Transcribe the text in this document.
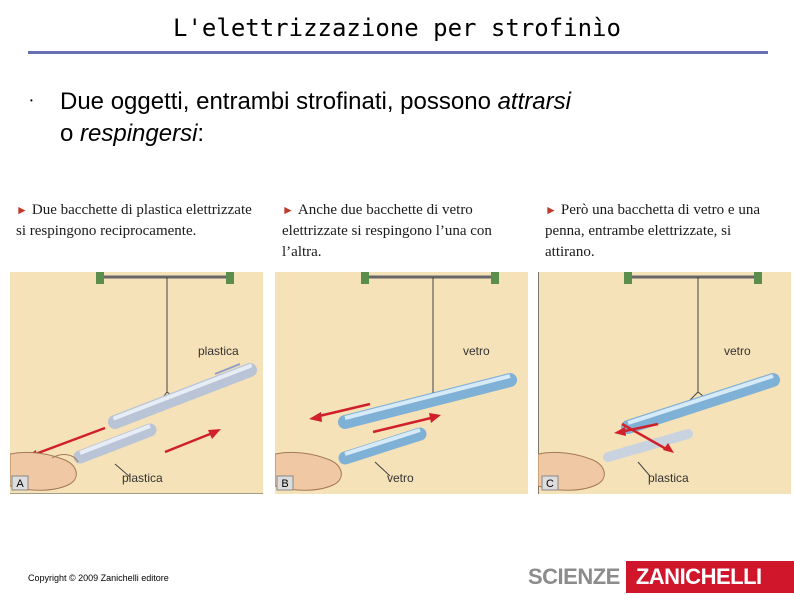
L'elettrizzazione per strofinìo
• Due oggetti, entrambi strofinati, possono attrarsi
o respingersi:
► Due bacchette di plastica elettrizzate si respingono reciprocamente.
► Anche due bacchette di vetro elettrizzate si respingono l’una con l’altra.
► Però una bacchetta di vetro e una penna, entrambe elettrizzate, si attirano.
A
plastica
plastica	B
vetro
vetro	C
vetro
plastica
Copyright © 2009 Zanichelli editore	SCIENZE ZANICHELLI
